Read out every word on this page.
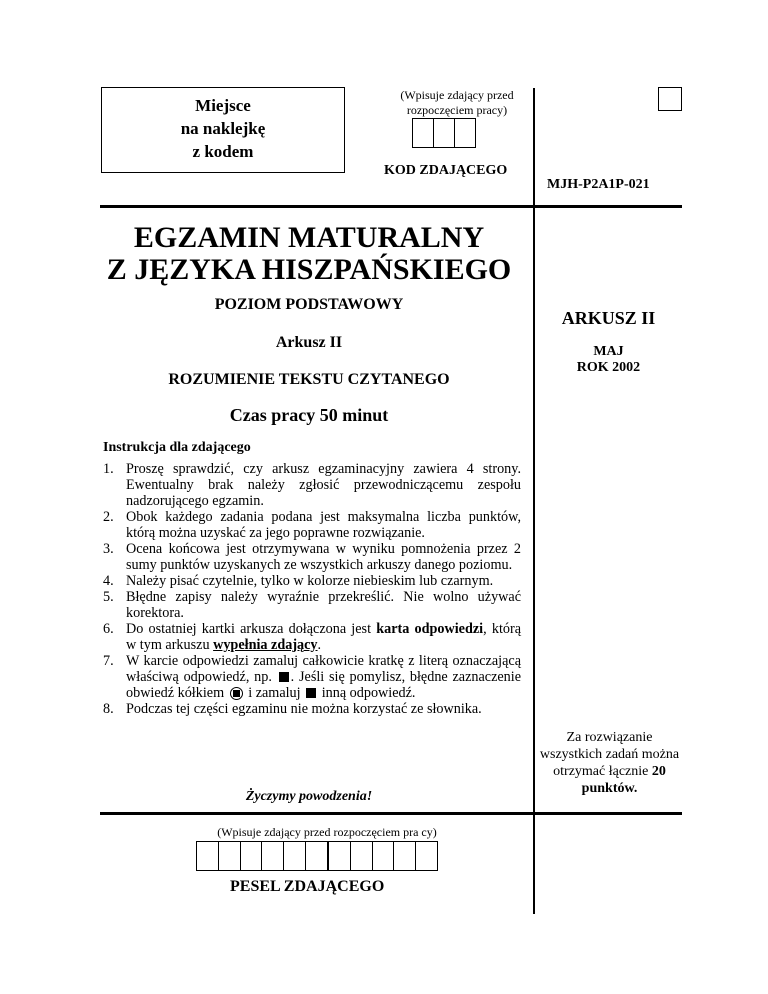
Miejsce
na naklejkę
z kodem
(Wpisuje zdający przed
rozpoczęciem pracy)
KOD ZDAJĄCEGO
MJH-P2A1P-021
EGZAMIN MATURALNY
Z JĘZYKA HISZPAŃSKIEGO
POZIOM PODSTAWOWY
Arkusz II
ROZUMIENIE TEKSTU CZYTANEGO
Czas pracy 50 minut
ARKUSZ II
MAJ
ROK 2002
Instrukcja dla zdającego
1. Proszę sprawdzić, czy arkusz egzaminacyjny zawiera 4 strony. Ewentualny brak należy zgłosić przewodniczącemu zespołu nadzorującego egzamin.
2. Obok każdego zadania podana jest maksymalna liczba punktów, którą można uzyskać za jego poprawne rozwiązanie.
3. Ocena końcowa jest otrzymywana w wyniku pomnożenia przez 2 sumy punktów uzyskanych ze wszystkich arkuszy danego poziomu.
4. Należy pisać czytelnie, tylko w kolorze niebieskim lub czarnym.
5. Błędne zapisy należy wyraźnie przekreślić. Nie wolno używać korektora.
6. Do ostatniej kartki arkusza dołączona jest karta odpowiedzi, którą w tym arkuszu wypełnia zdający.
7. W karcie odpowiedzi zamaluj całkowicie kratkę z literą oznaczającą właściwą odpowiedź, np. . Jeśli się pomylisz, błędne zaznaczenie obwiedź kółkiem  i zamaluj  inną odpowiedź.
8. Podczas tej części egzaminu nie można korzystać ze słownika.
Za rozwiązanie wszystkich zadań można otrzymać łącznie 20 punktów.
Życzymy powodzenia!
(Wpisuje zdający przed rozpoczęciem pra cy)
PESEL ZDAJĄCEGO
